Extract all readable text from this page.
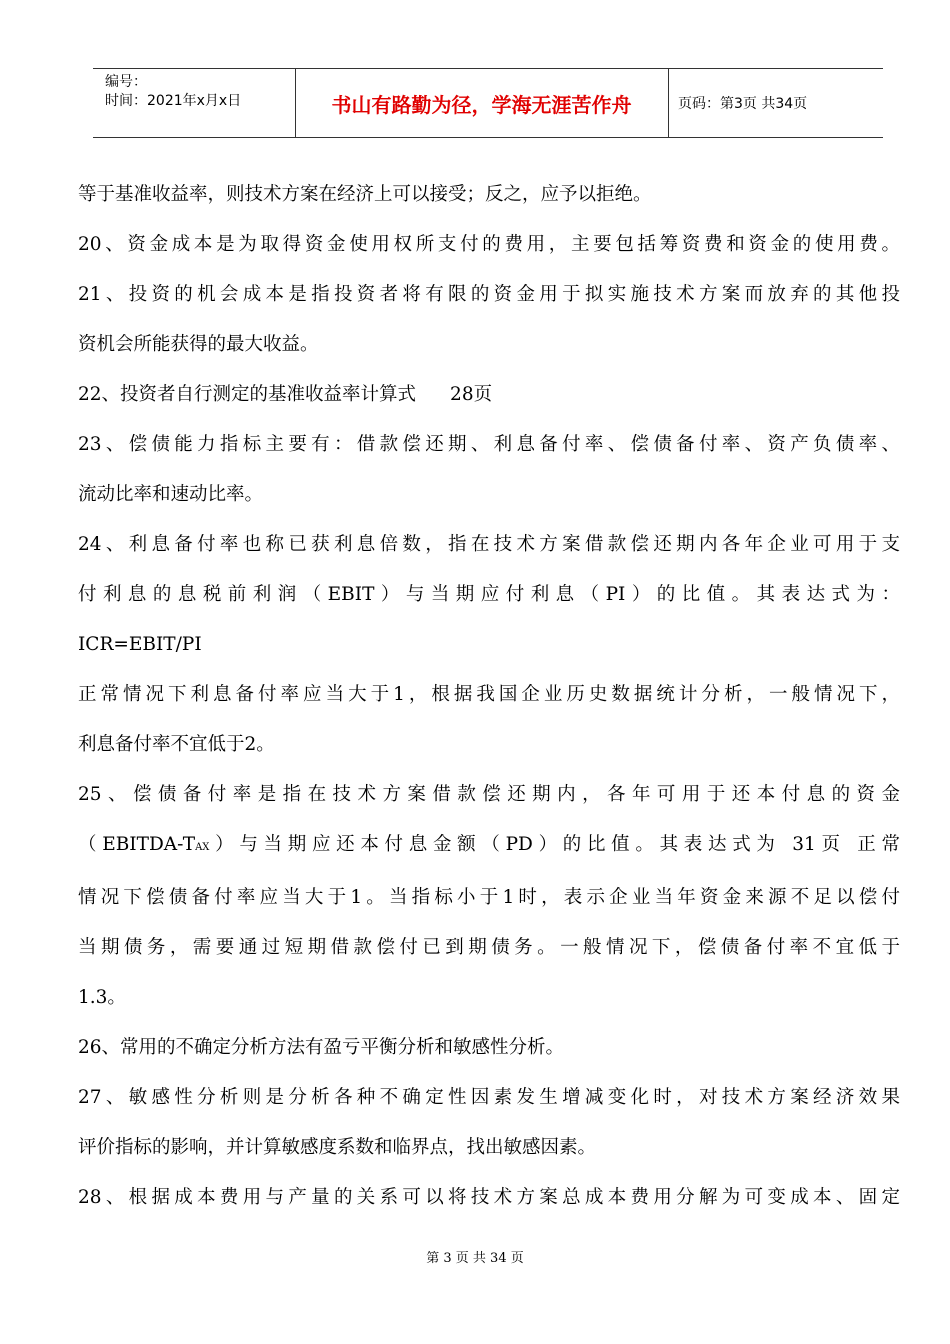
编号：
时间：2021年x月x日	书山有路勤为径，学海无涯苦作舟	页码：第3页 共34页

等于基准收益率，则技术方案在经济上可以接受；反之，应予以拒绝。

20、资金成本是为取得资金使用权所支付的费用，主要包括筹资费和资金的使用费。

21、投资的机会成本是指投资者将有限的资金用于拟实施技术方案而放弃的其他投

资机会所能获得的最大收益。

22、投资者自行测定的基准收益率计算式 28页

23、偿债能力指标主要有：借款偿还期、利息备付率、偿债备付率、资产负债率、

流动比率和速动比率。

24、利息备付率也称已获利息倍数，指在技术方案借款偿还期内各年企业可用于支

付利息的息税前利润（EBIT）与当期应付利息（PI）的比值。其表达式为：

ICR=EBIT/PI

正常情况下利息备付率应当大于1，根据我国企业历史数据统计分析，一般情况下，

利息备付率不宜低于2。

25、偿债备付率是指在技术方案借款偿还期内，各年可用于还本付息的资金

（EBITDA-TAX）与当期应还本付息金额（PD）的比值。其表达式为 31页 正常

情况下偿债备付率应当大于1。当指标小于1时，表示企业当年资金来源不足以偿付

当期债务，需要通过短期借款偿付已到期债务。一般情况下，偿债备付率不宜低于

1.3。

26、常用的不确定分析方法有盈亏平衡分析和敏感性分析。

27、敏感性分析则是分析各种不确定性因素发生增减变化时，对技术方案经济效果

评价指标的影响，并计算敏感度系数和临界点，找出敏感因素。

28、根据成本费用与产量的关系可以将技术方案总成本费用分解为可变成本、固定

第 3 页 共 34 页
